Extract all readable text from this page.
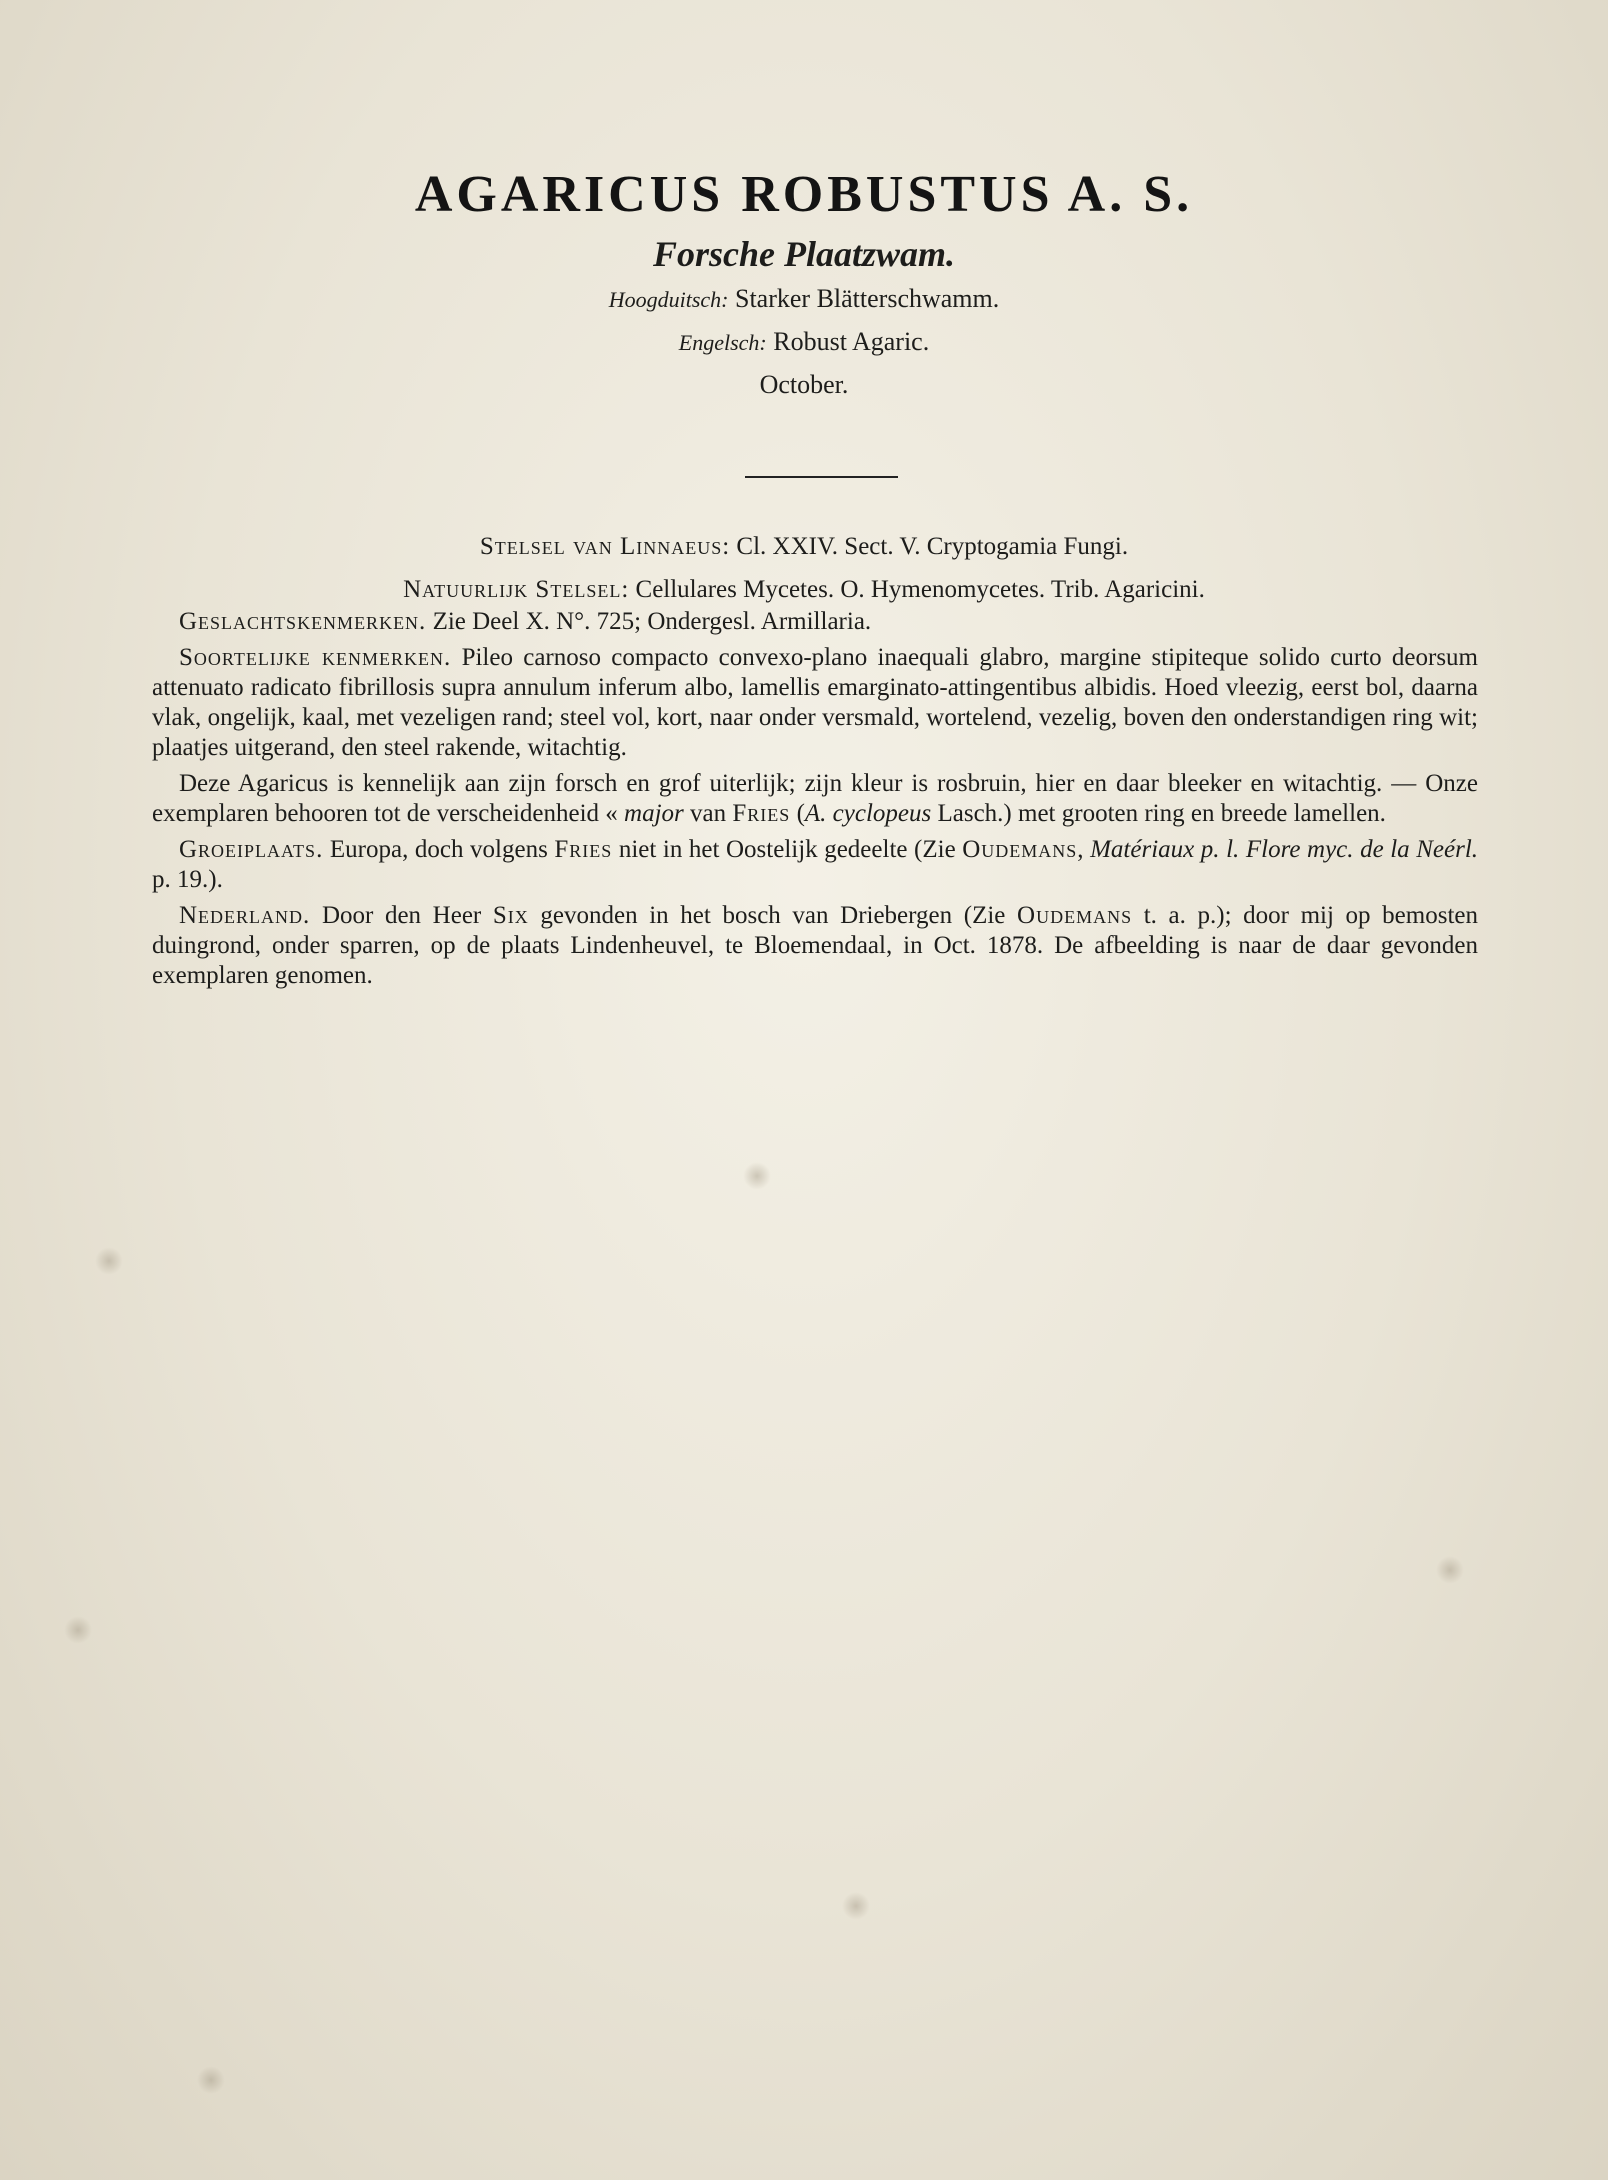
AGARICUS ROBUSTUS A. S.

Forsche Plaatzwam.

Hoogduitsch: Starker Blätterschwamm.

Engelsch: Robust Agaric.

October.

Stelsel van Linnaeus: Cl. XXIV. Sect. V. Cryptogamia Fungi.

Natuurlijk Stelsel: Cellulares Mycetes. O. Hymenomycetes. Trib. Agaricini.

Geslachtskenmerken. Zie Deel X. N°. 725; Ondergesl. Armillaria.

Soortelijke kenmerken. Pileo carnoso compacto convexo-plano inaequali glabro, margine stipiteque solido curto deorsum attenuato radicato fibrillosis supra annulum inferum albo, lamellis emarginato-attingentibus albidis. Hoed vleezig, eerst bol, daarna vlak, ongelijk, kaal, met vezeligen rand; steel vol, kort, naar onder versmald, wortelend, vezelig, boven den onderstandigen ring wit; plaatjes uitgerand, den steel rakende, witachtig.

Deze Agaricus is kennelijk aan zijn forsch en grof uiterlijk; zijn kleur is rosbruin, hier en daar bleeker en witachtig. — Onze exemplaren behooren tot de verscheidenheid « major van Fries (A. cyclopeus Lasch.) met grooten ring en breede lamellen.

Groeiplaats. Europa, doch volgens Fries niet in het Oostelijk gedeelte (Zie Oudemans, Matériaux p. l. Flore myc. de la Neérl. p. 19.).

Nederland. Door den Heer Six gevonden in het bosch van Driebergen (Zie Oudemans t. a. p.); door mij op bemosten duingrond, onder sparren, op de plaats Lindenheuvel, te Bloemendaal, in Oct. 1878. De afbeelding is naar de daar gevonden exemplaren genomen.
